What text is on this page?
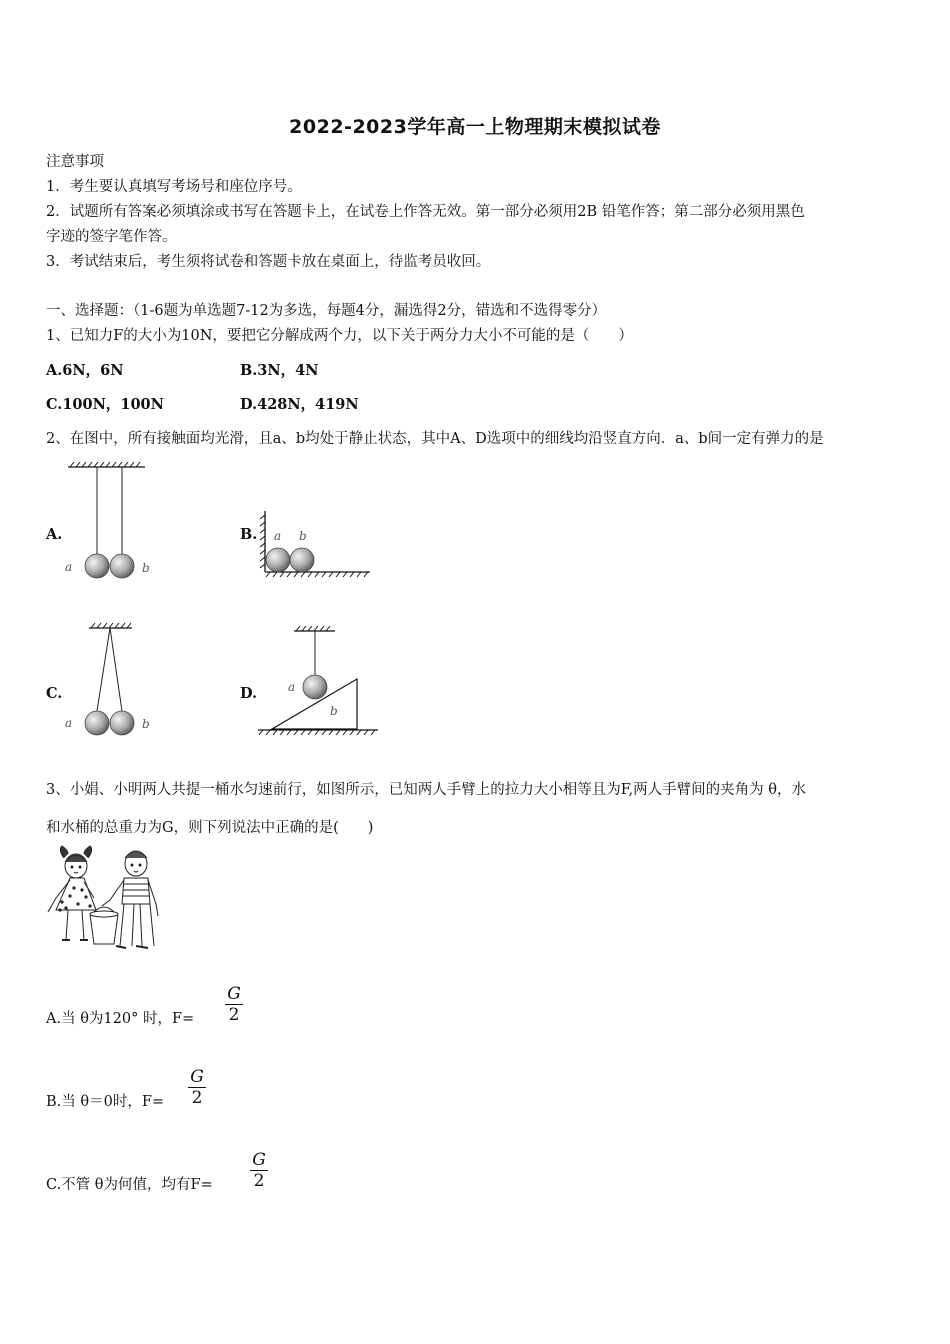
2022-2023学年高一上物理期末模拟试卷
注意事项
1．考生要认真填写考场号和座位序号。
2．试题所有答案必须填涂或书写在答题卡上，在试卷上作答无效。第一部分必须用2B 铅笔作答；第二部分必须用黑色
字迹的签字笔作答。
3．考试结束后，考生须将试卷和答题卡放在桌面上，待监考员收回。
一、选择题：（1-6题为单选题7-12为多选，每题4分，漏选得2分，错选和不选得零分）
1、已知力F的大小为10N，要把它分解成两个力，以下关于两分力大小不可能的是（　　）
A.6N，6N	B.3N，4N
C.100N，100N	D.428N，419N
2、在图中，所有接触面均光滑，且a、b均处于静止状态，其中A、D选项中的细线均沿竖直方向．a、b间一定有弹力的是
A.	B.
C.	D.
a	b
a b
a	b
a
b
3、小娟、小明两人共提一桶水匀速前行，如图所示，已知两人手臂上的拉力大小相等且为F,两人手臂间的夹角为 θ，水
和水桶的总重力为G，则下列说法中正确的是(　　)
A.当 θ为120° 时，F=
G
2
B.当 θ＝0时，F=
G
2
C.不管 θ为何值，均有F=
G
2
